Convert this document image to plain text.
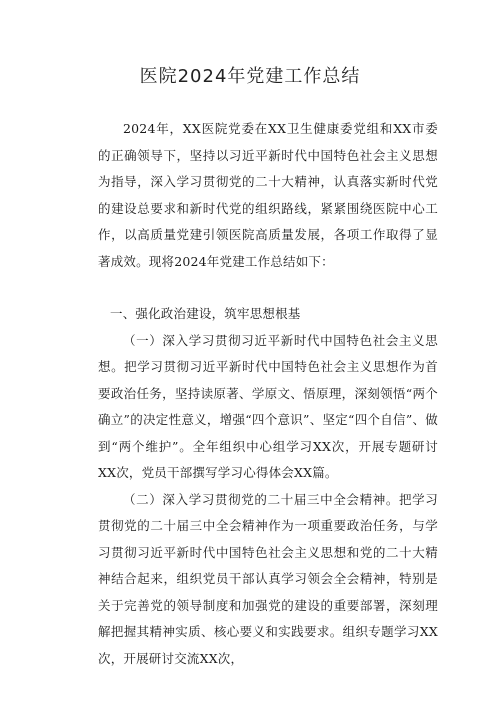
医院2024年党建工作总结

2024年，XX医院党委在XX卫生健康委党组和XX市委的正确领导下，坚持以习近平新时代中国特色社会主义思想为指导，深入学习贯彻党的二十大精神，认真落实新时代党的建设总要求和新时代党的组织路线，紧紧围绕医院中心工作，以高质量党建引领医院高质量发展，各项工作取得了显著成效。现将2024年党建工作总结如下：

一、强化政治建设，筑牢思想根基

（一）深入学习贯彻习近平新时代中国特色社会主义思想。把学习贯彻习近平新时代中国特色社会主义思想作为首要政治任务，坚持读原著、学原文、悟原理，深刻领悟“两个确立”的决定性意义，增强“四个意识”、坚定“四个自信”、做到“两个维护”。全年组织中心组学习XX次，开展专题研讨XX次，党员干部撰写学习心得体会XX篇。

（二）深入学习贯彻党的二十届三中全会精神。把学习贯彻党的二十届三中全会精神作为一项重要政治任务，与学习贯彻习近平新时代中国特色社会主义思想和党的二十大精神结合起来，组织党员干部认真学习领会全会精神，特别是关于完善党的领导制度和加强党的建设的重要部署，深刻理解把握其精神实质、核心要义和实践要求。组织专题学习XX次，开展研讨交流XX次，
